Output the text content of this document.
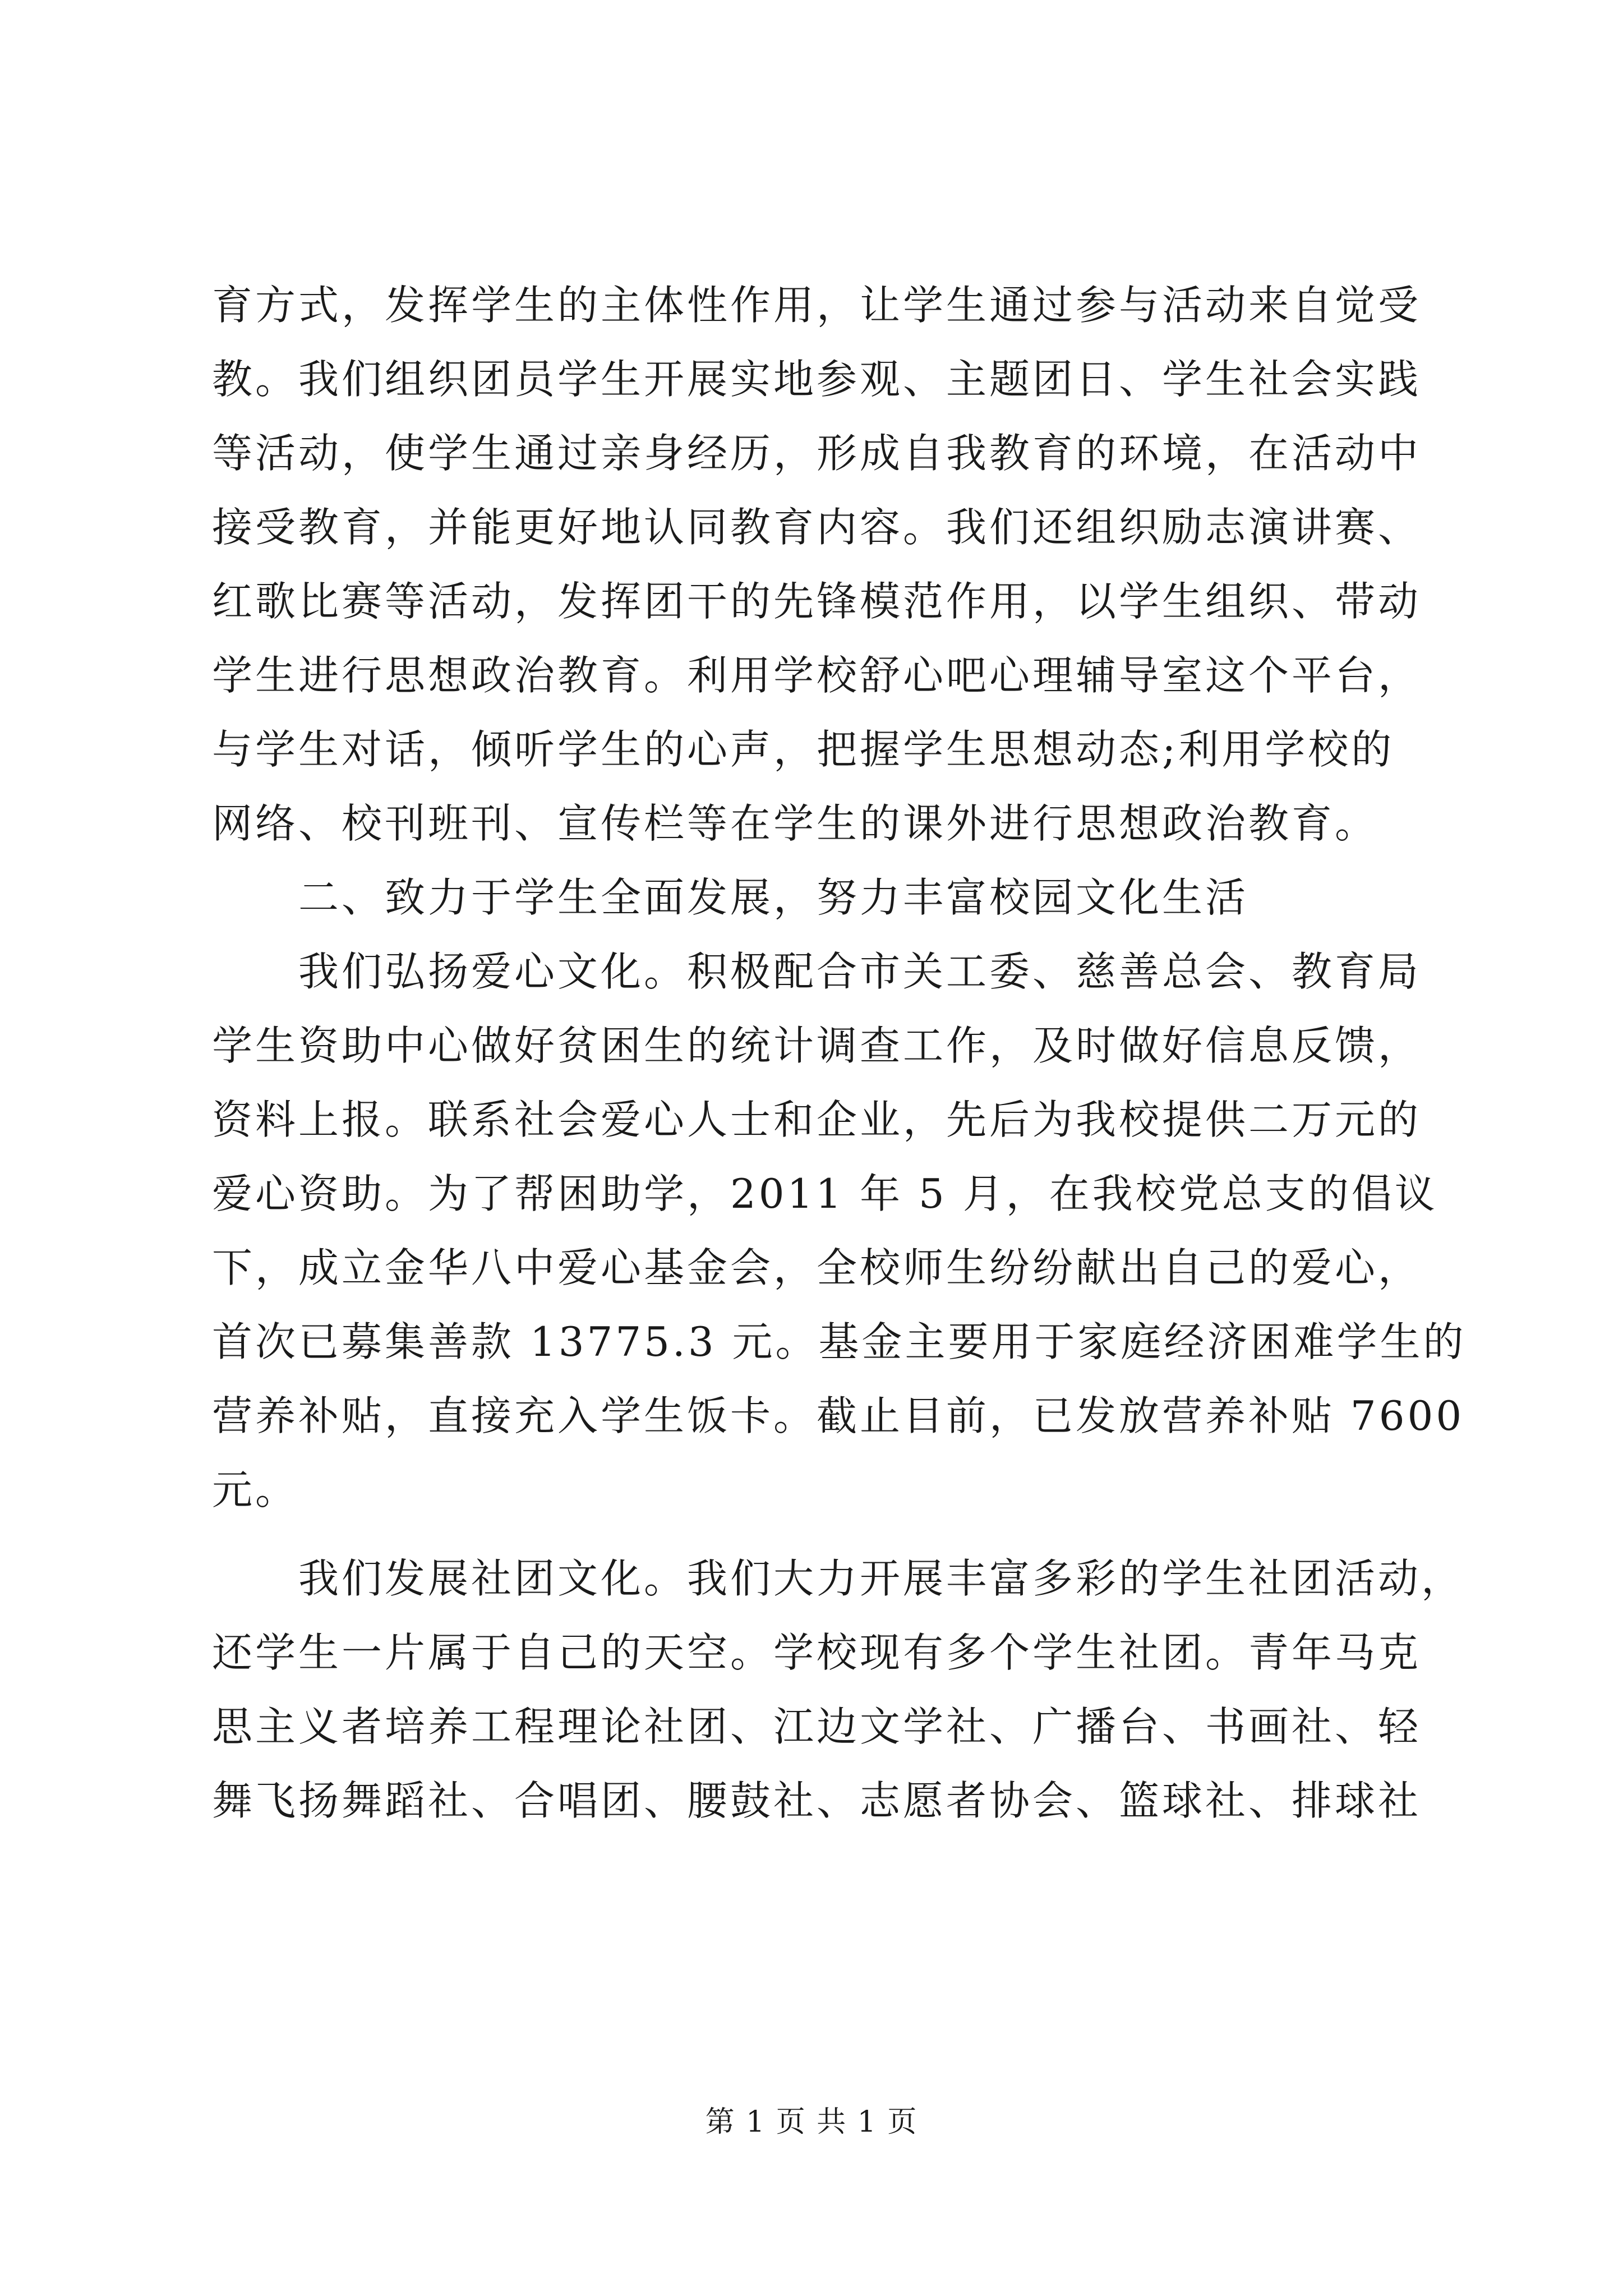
育方式，发挥学生的主体性作用，让学生通过参与活动来自觉受
教。我们组织团员学生开展实地参观、主题团日、学生社会实践
等活动，使学生通过亲身经历，形成自我教育的环境，在活动中
接受教育，并能更好地认同教育内容。我们还组织励志演讲赛、
红歌比赛等活动，发挥团干的先锋模范作用，以学生组织、带动
学生进行思想政治教育。利用学校舒心吧心理辅导室这个平台，
与学生对话，倾听学生的心声，把握学生思想动态;利用学校的
网络、校刊班刊、宣传栏等在学生的课外进行思想政治教育。
二、致力于学生全面发展，努力丰富校园文化生活
我们弘扬爱心文化。积极配合市关工委、慈善总会、教育局
学生资助中心做好贫困生的统计调查工作，及时做好信息反馈，
资料上报。联系社会爱心人士和企业，先后为我校提供二万元的
爱心资助。为了帮困助学，2011 年 5 月，在我校党总支的倡议
下，成立金华八中爱心基金会，全校师生纷纷献出自己的爱心，
首次已募集善款 13775.3 元。基金主要用于家庭经济困难学生的
营养补贴，直接充入学生饭卡。截止目前，已发放营养补贴 7600
元。
我们发展社团文化。我们大力开展丰富多彩的学生社团活动，
还学生一片属于自己的天空。学校现有多个学生社团。青年马克
思主义者培养工程理论社团、江边文学社、广播台、书画社、轻
舞飞扬舞蹈社、合唱团、腰鼓社、志愿者协会、篮球社、排球社
第 1 页 共 1 页
